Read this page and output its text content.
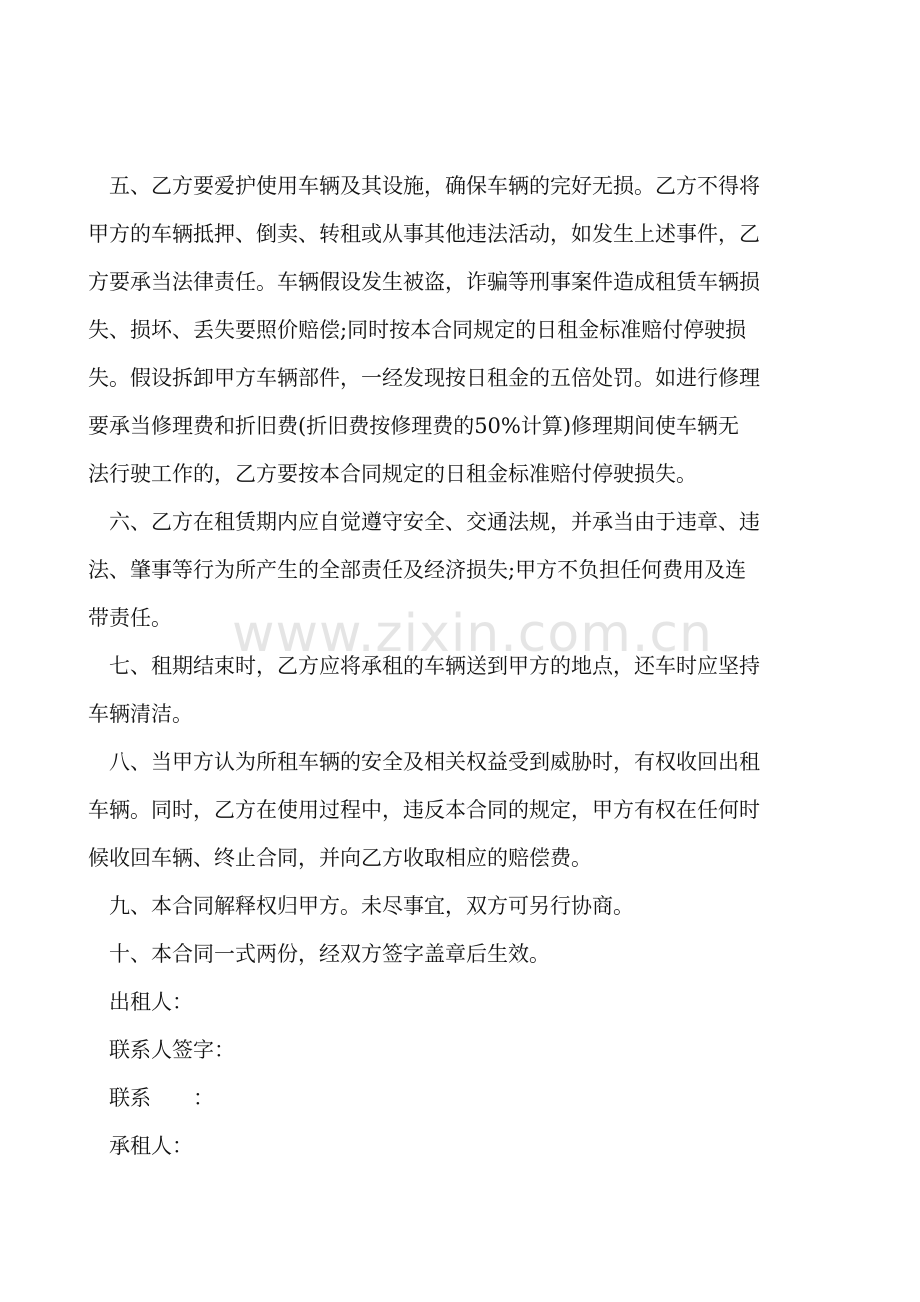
www.zixin.com.cn

　五、乙方要爱护使用车辆及其设施，确保车辆的完好无损。乙方不得将

甲方的车辆抵押、倒卖、转租或从事其他违法活动，如发生上述事件，乙

方要承当法律责任。车辆假设发生被盗，诈骗等刑事案件造成租赁车辆损

失、损坏、丢失要照价赔偿;同时按本合同规定的日租金标准赔付停驶损

失。假设拆卸甲方车辆部件，一经发现按日租金的五倍处罚。如进行修理

要承当修理费和折旧费(折旧费按修理费的50%计算)修理期间使车辆无

法行驶工作的，乙方要按本合同规定的日租金标准赔付停驶损失。

　六、乙方在租赁期内应自觉遵守安全、交通法规，并承当由于违章、违

法、肇事等行为所产生的全部责任及经济损失;甲方不负担任何费用及连

带责任。

　七、租期结束时，乙方应将承租的车辆送到甲方的地点，还车时应坚持

车辆清洁。

　八、当甲方认为所租车辆的安全及相关权益受到威胁时，有权收回出租

车辆。同时，乙方在使用过程中，违反本合同的规定，甲方有权在任何时

候收回车辆、终止合同，并向乙方收取相应的赔偿费。

　九、本合同解释权归甲方。未尽事宜，双方可另行协商。

　十、本合同一式两份，经双方签字盖章后生效。

　出租人：

　联系人签字：

　联系　　：

　承租人：
